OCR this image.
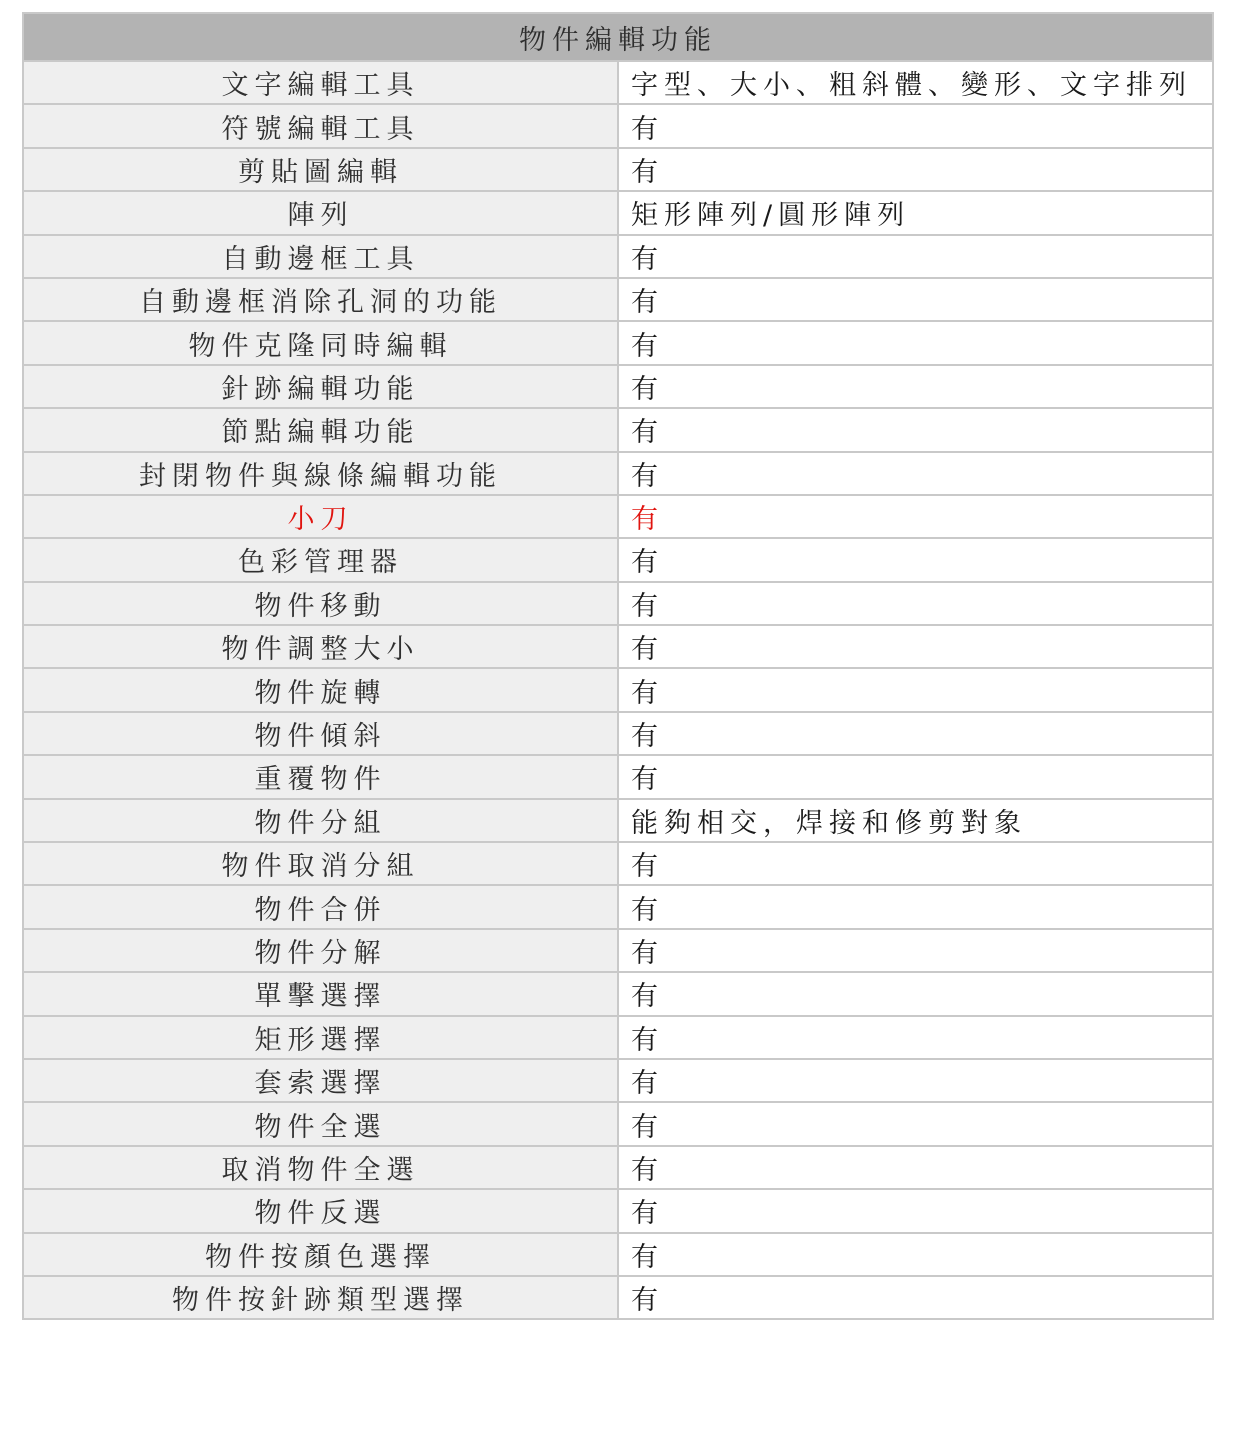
物件編輯功能	
文字編輯工具	字型、大小、粗斜體、變形、文字排列
符號編輯工具	有
剪貼圖編輯	有
陣列	矩形陣列/圓形陣列
自動邊框工具	有
自動邊框消除孔洞的功能	有
物件克隆同時編輯	有
針跡編輯功能	有
節點編輯功能	有
封閉物件與線條編輯功能	有
小刀	有
色彩管理器	有
物件移動	有
物件調整大小	有
物件旋轉	有
物件傾斜	有
重覆物件	有
物件分組	能夠相交，焊接和修剪對象
物件取消分組	有
物件合併	有
物件分解	有
單擊選擇	有
矩形選擇	有
套索選擇	有
物件全選	有
取消物件全選	有
物件反選	有
物件按顏色選擇	有
物件按針跡類型選擇	有
